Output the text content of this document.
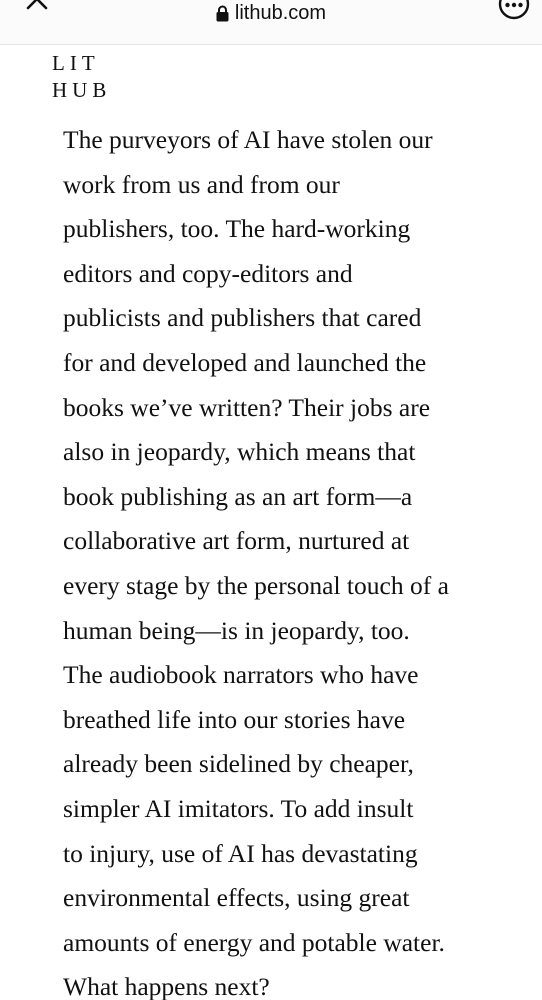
lithub.com
LIT
HUB
The purveyors of AI have stolen our
work from us and from our
publishers, too. The hard-working
editors and copy-editors and
publicists and publishers that cared
for and developed and launched the
books we’ve written? Their jobs are
also in jeopardy, which means that
book publishing as an art form—a
collaborative art form, nurtured at
every stage by the personal touch of a
human being—is in jeopardy, too.
The audiobook narrators who have
breathed life into our stories have
already been sidelined by cheaper,
simpler AI imitators. To add insult
to injury, use of AI has devastating
environmental effects, using great
amounts of energy and potable water.
What happens next?
